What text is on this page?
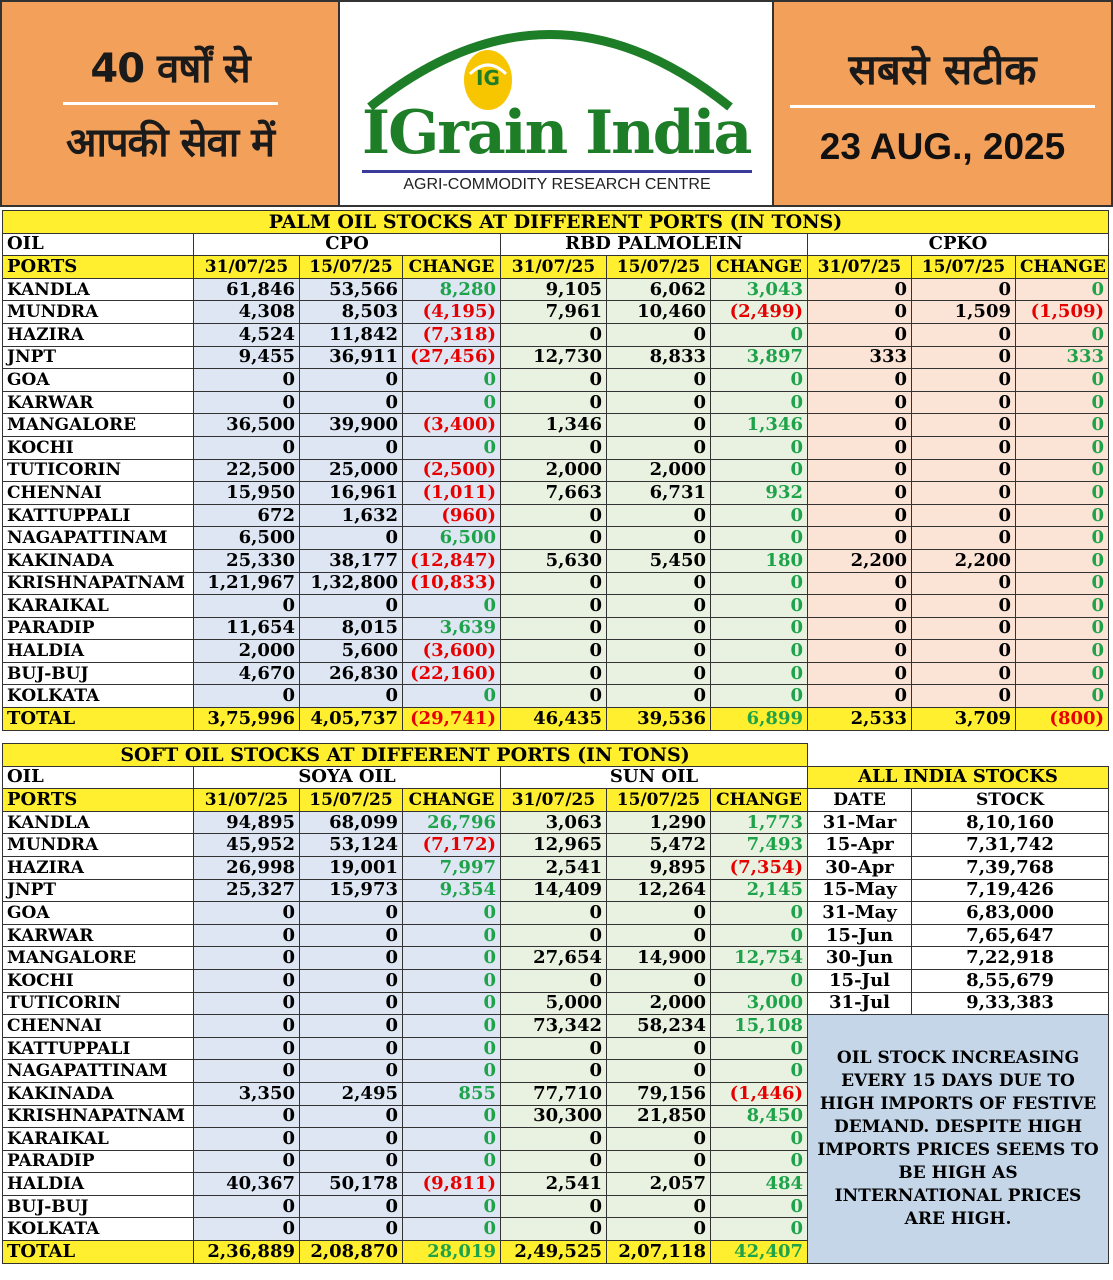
40 वर्षों से
आपकी सेवा में
IG
IGrain India
AGRI-COMMODITY RESEARCH CENTRE
सबसे सटीक
23 AUG., 2025
PALM OIL STOCKS AT DIFFERENT PORTS (IN TONS)									
OIL	CPO			RBD PALMOLEIN			CPKO		
PORTS	31/07/25	15/07/25	CHANGE	31/07/25	15/07/25	CHANGE	31/07/25	15/07/25	CHANGE
KANDLA	61,846	53,566	8,280	9,105	6,062	3,043	0	0	0
MUNDRA	4,308	8,503	(4,195)	7,961	10,460	(2,499)	0	1,509	(1,509)
HAZIRA	4,524	11,842	(7,318)	0	0	0	0	0	0
JNPT	9,455	36,911	(27,456)	12,730	8,833	3,897	333	0	333
GOA	0	0	0	0	0	0	0	0	0
KARWAR	0	0	0	0	0	0	0	0	0
MANGALORE	36,500	39,900	(3,400)	1,346	0	1,346	0	0	0
KOCHI	0	0	0	0	0	0	0	0	0
TUTICORIN	22,500	25,000	(2,500)	2,000	2,000	0	0	0	0
CHENNAI	15,950	16,961	(1,011)	7,663	6,731	932	0	0	0
KATTUPPALI	672	1,632	(960)	0	0	0	0	0	0
NAGAPATTINAM	6,500	0	6,500	0	0	0	0	0	0
KAKINADA	25,330	38,177	(12,847)	5,630	5,450	180	2,200	2,200	0
KRISHNAPATNAM	1,21,967	1,32,800	(10,833)	0	0	0	0	0	0
KARAIKAL	0	0	0	0	0	0	0	0	0
PARADIP	11,654	8,015	3,639	0	0	0	0	0	0
HALDIA	2,000	5,600	(3,600)	0	0	0	0	0	0
BUJ-BUJ	4,670	26,830	(22,160)	0	0	0	0	0	0
KOLKATA	0	0	0	0	0	0	0	0	0
TOTAL	3,75,996	4,05,737	(29,741)	46,435	39,536	6,899	2,533	3,709	(800)
SOFT OIL STOCKS AT DIFFERENT PORTS (IN TONS)								
OIL	SOYA OIL			SUN OIL			ALL INDIA STOCKS	
PORTS	31/07/25	15/07/25	CHANGE	31/07/25	15/07/25	CHANGE	DATE	STOCK
KANDLA	94,895	68,099	26,796	3,063	1,290	1,773	31-Mar	8,10,160
MUNDRA	45,952	53,124	(7,172)	12,965	5,472	7,493	15-Apr	7,31,742
HAZIRA	26,998	19,001	7,997	2,541	9,895	(7,354)	30-Apr	7,39,768
JNPT	25,327	15,973	9,354	14,409	12,264	2,145	15-May	7,19,426
GOA	0	0	0	0	0	0	31-May	6,83,000
KARWAR	0	0	0	0	0	0	15-Jun	7,65,647
MANGALORE	0	0	0	27,654	14,900	12,754	30-Jun	7,22,918
KOCHI	0	0	0	0	0	0	15-Jul	8,55,679
TUTICORIN	0	0	0	5,000	2,000	3,000	31-Jul	9,33,383
CHENNAI	0	0	0	73,342	58,234	15,108	OIL STOCK INCREASING EVERY 15 DAYS DUE TO HIGH IMPORTS OF FESTIVE DEMAND. DESPITE HIGH IMPORTS PRICES SEEMS TO BE HIGH AS INTERNATIONAL PRICES ARE HIGH.	
KATTUPPALI	0	0	0	0	0	0		
NAGAPATTINAM	0	0	0	0	0	0		
KAKINADA	3,350	2,495	855	77,710	79,156	(1,446)		
KRISHNAPATNAM	0	0	0	30,300	21,850	8,450		
KARAIKAL	0	0	0	0	0	0		
PARADIP	0	0	0	0	0	0		
HALDIA	40,367	50,178	(9,811)	2,541	2,057	484		
BUJ-BUJ	0	0	0	0	0	0		
KOLKATA	0	0	0	0	0	0		
TOTAL	2,36,889	2,08,870	28,019	2,49,525	2,07,118	42,407		
